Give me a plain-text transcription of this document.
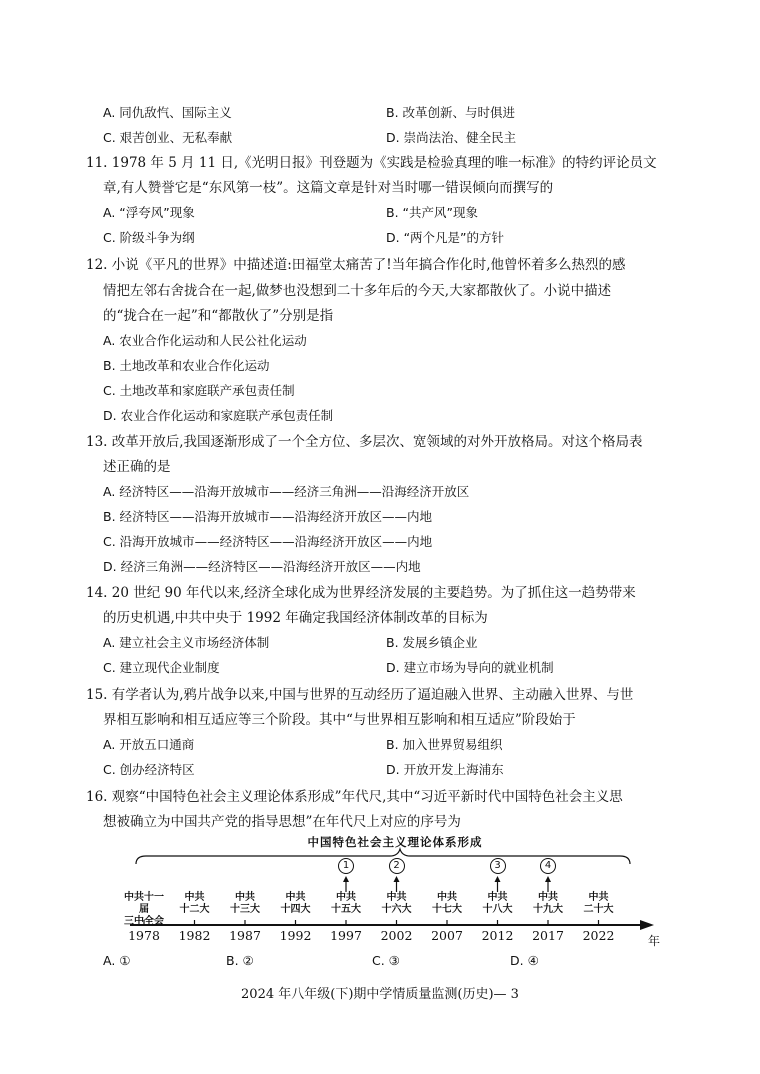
A. 同仇敌忾、国际主义	B. 改革创新、与时俱进
C. 艰苦创业、无私奉献	D. 崇尚法治、健全民主
11. 1978 年 5 月 11 日,《光明日报》刊登题为《实践是检验真理的唯一标准》的特约评论员文
章,有人赞誉它是“东风第一枝”。这篇文章是针对当时哪一错误倾向而撰写的
A. “浮夸风”现象	B. “共产风”现象
C. 阶级斗争为纲	D. “两个凡是”的方针
12. 小说《平凡的世界》中描述道:田福堂太痛苦了!当年搞合作化时,他曾怀着多么热烈的感
情把左邻右舍拢合在一起,做梦也没想到二十多年后的今天,大家都散伙了。小说中描述
的“拢合在一起”和“都散伙了”分别是指
A. 农业合作化运动和人民公社化运动
B. 土地改革和农业合作化运动
C. 土地改革和家庭联产承包责任制
D. 农业合作化运动和家庭联产承包责任制
13. 改革开放后,我国逐渐形成了一个全方位、多层次、宽领域的对外开放格局。对这个格局表
述正确的是
A. 经济特区——沿海开放城市——经济三角洲——沿海经济开放区
B. 经济特区——沿海开放城市——沿海经济开放区——内地
C. 沿海开放城市——经济特区——沿海经济开放区——内地
D. 经济三角洲——经济特区——沿海经济开放区——内地
14. 20 世纪 90 年代以来,经济全球化成为世界经济发展的主要趋势。为了抓住这一趋势带来
的历史机遇,中共中央于 1992 年确定我国经济体制改革的目标为
A. 建立社会主义市场经济体制	B. 发展乡镇企业
C. 建立现代企业制度	D. 建立市场为导向的就业机制
15. 有学者认为,鸦片战争以来,中国与世界的互动经历了逼迫融入世界、主动融入世界、与世
界相互影响和相互适应等三个阶段。其中“与世界相互影响和相互适应”阶段始于
A. 开放五口通商	B. 加入世界贸易组织
C. 创办经济特区	D. 开放开发上海浦东
16. 观察“中国特色社会主义理论体系形成”年代尺,其中“习近平新时代中国特色社会主义思
想被确立为中国共产党的指导思想”在年代尺上对应的序号为
中国特色社会主义理论体系形成
中共十一届
三中全会
1978
中共
十二大
1982
中共
十三大
1987
中共
十四大
1992
中共
十五大
1997
中共
十六大
2002
中共
十七大
2007
中共
十八大
2012
中共
十九大
2017
中共
二十大
2022
1	2	3	4
年
A. ①	B. ②	C. ③	D. ④
2024 年八年级(下)期中学情质量监测(历史)— 3
